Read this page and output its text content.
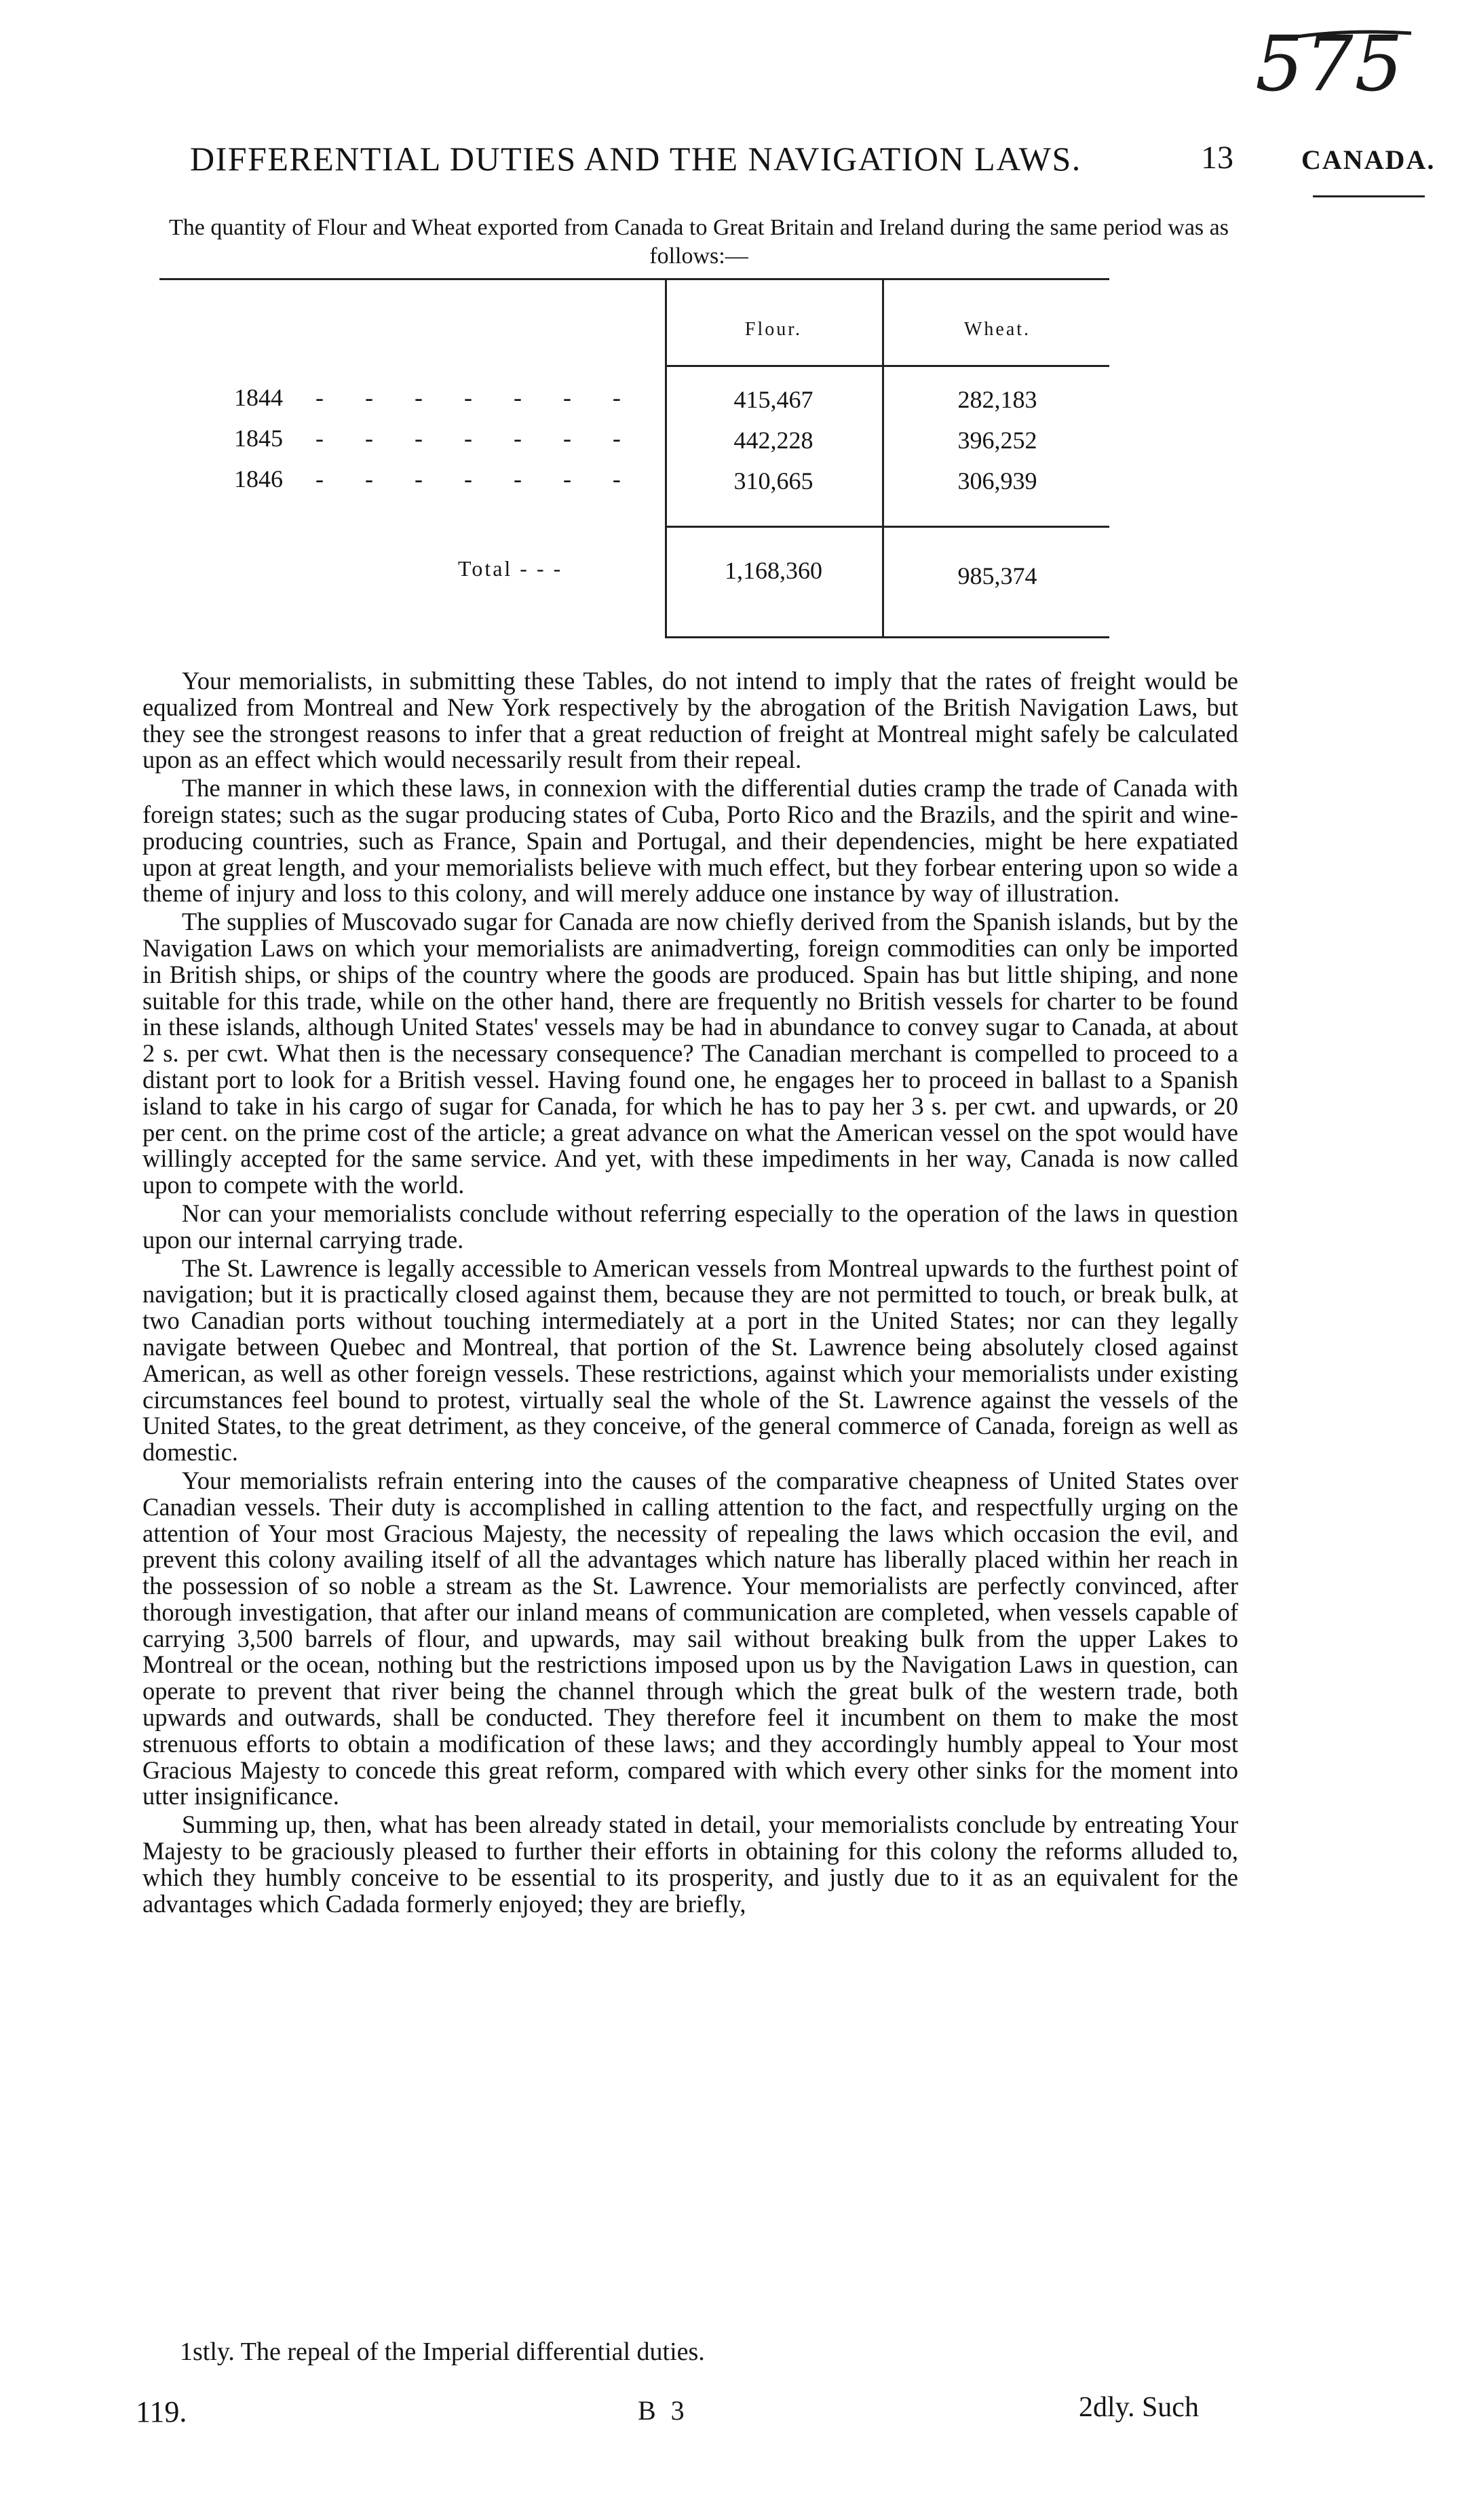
575
DIFFERENTIAL DUTIES AND THE NAVIGATION LAWS.	13	CANADA.
The quantity of Flour and Wheat exported from Canada to Great Britain and Ireland during the same period was as follows:—
Flour.	Wheat.
1844 - - - - - - -	415,467	282,183
1845 - - - - - - -	442,228	396,252
1846 - - - - - - -	310,665	306,939
Total - - -	1,168,360	985,374

Your memorialists, in submitting these Tables, do not intend to imply that the rates of freight would be equalized from Montreal and New York respectively by the abrogation of the British Navigation Laws, but they see the strongest reasons to infer that a great reduction of freight at Montreal might safely be calculated upon as an effect which would necessarily result from their repeal.

The manner in which these laws, in connexion with the differential duties cramp the trade of Canada with foreign states; such as the sugar producing states of Cuba, Porto Rico and the Brazils, and the spirit and wine-producing countries, such as France, Spain and Portugal, and their dependencies, might be here expatiated upon at great length, and your memorialists believe with much effect, but they forbear entering upon so wide a theme of injury and loss to this colony, and will merely adduce one instance by way of illustration.

The supplies of Muscovado sugar for Canada are now chiefly derived from the Spanish islands, but by the Navigation Laws on which your memorialists are animadverting, foreign commodities can only be imported in British ships, or ships of the country where the goods are produced. Spain has but little shiping, and none suitable for this trade, while on the other hand, there are frequently no British vessels for charter to be found in these islands, although United States' vessels may be had in abundance to convey sugar to Canada, at about 2 s. per cwt. What then is the necessary consequence? The Canadian merchant is compelled to proceed to a distant port to look for a British vessel. Having found one, he engages her to proceed in ballast to a Spanish island to take in his cargo of sugar for Canada, for which he has to pay her 3 s. per cwt. and upwards, or 20 per cent. on the prime cost of the article; a great advance on what the American vessel on the spot would have willingly accepted for the same service. And yet, with these impediments in her way, Canada is now called upon to compete with the world.

Nor can your memorialists conclude without referring especially to the operation of the laws in question upon our internal carrying trade.

The St. Lawrence is legally accessible to American vessels from Montreal upwards to the furthest point of navigation; but it is practically closed against them, because they are not permitted to touch, or break bulk, at two Canadian ports without touching intermediately at a port in the United States; nor can they legally navigate between Quebec and Montreal, that portion of the St. Lawrence being absolutely closed against American, as well as other foreign vessels. These restrictions, against which your memorialists under existing circumstances feel bound to protest, virtually seal the whole of the St. Lawrence against the vessels of the United States, to the great detriment, as they conceive, of the general commerce of Canada, foreign as well as domestic.

Your memorialists refrain entering into the causes of the comparative cheapness of United States over Canadian vessels. Their duty is accomplished in calling attention to the fact, and respectfully urging on the attention of Your most Gracious Majesty, the necessity of repealing the laws which occasion the evil, and prevent this colony availing itself of all the advantages which nature has liberally placed within her reach in the possession of so noble a stream as the St. Lawrence. Your memorialists are perfectly convinced, after thorough investigation, that after our inland means of communication are completed, when vessels capable of carrying 3,500 barrels of flour, and upwards, may sail without breaking bulk from the upper Lakes to Montreal or the ocean, nothing but the restrictions imposed upon us by the Navigation Laws in question, can operate to prevent that river being the channel through which the great bulk of the western trade, both upwards and outwards, shall be conducted. They therefore feel it incumbent on them to make the most strenuous efforts to obtain a modification of these laws; and they accordingly humbly appeal to Your most Gracious Majesty to concede this great reform, compared with which every other sinks for the moment into utter insignificance.

Summing up, then, what has been already stated in detail, your memorialists conclude by entreating Your Majesty to be graciously pleased to further their efforts in obtaining for this colony the reforms alluded to, which they humbly conceive to be essential to its prosperity, and justly due to it as an equivalent for the advantages which Cadada formerly enjoyed; they are briefly,

1stly. The repeal of the Imperial differential duties.
119.	B 3	2dly. Such
